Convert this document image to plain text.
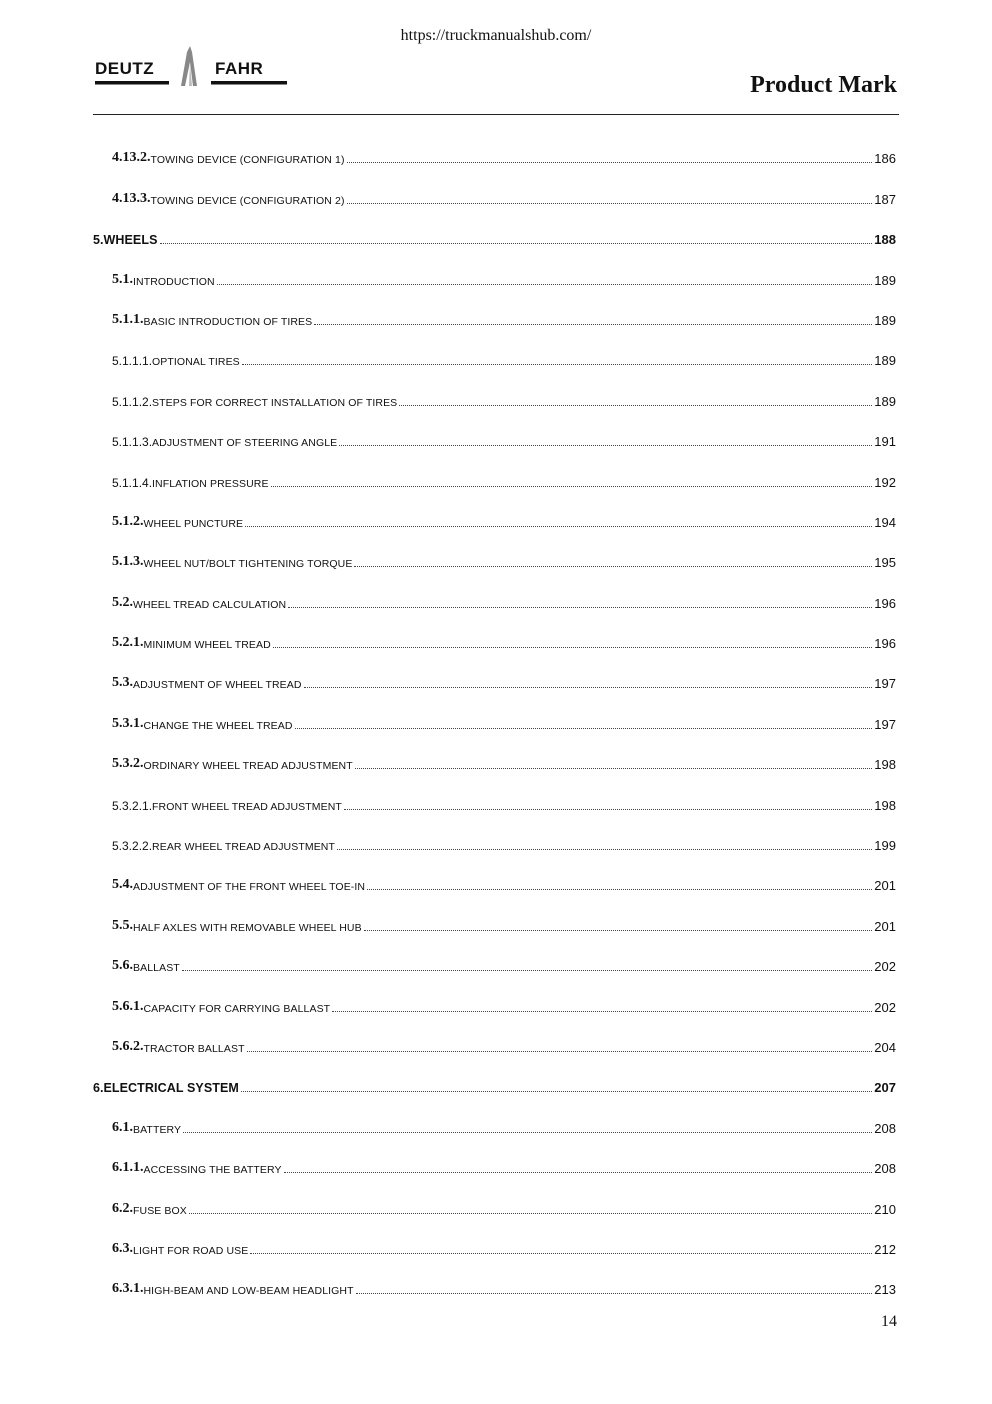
https://truckmanualshub.com/
DEUTZ	FAHR
Product Mark
4.13.2. TOWING DEVICE (CONFIGURATION 1)	186
4.13.3. TOWING DEVICE (CONFIGURATION 2)	187
5. WHEELS	188
5.1. INTRODUCTION	189
5.1.1. BASIC INTRODUCTION OF TIRES	189
5.1.1.1. OPTIONAL TIRES	189
5.1.1.2. STEPS FOR CORRECT INSTALLATION OF TIRES	189
5.1.1.3. ADJUSTMENT OF STEERING ANGLE	191
5.1.1.4. INFLATION PRESSURE	192
5.1.2. WHEEL PUNCTURE	194
5.1.3. WHEEL NUT/BOLT TIGHTENING TORQUE	195
5.2. WHEEL TREAD CALCULATION	196
5.2.1. MINIMUM WHEEL TREAD	196
5.3. ADJUSTMENT OF WHEEL TREAD	197
5.3.1. CHANGE THE WHEEL TREAD	197
5.3.2. ORDINARY WHEEL TREAD ADJUSTMENT	198
5.3.2.1. FRONT WHEEL TREAD ADJUSTMENT	198
5.3.2.2. REAR WHEEL TREAD ADJUSTMENT	199
5.4. ADJUSTMENT OF THE FRONT WHEEL TOE-IN	201
5.5. HALF AXLES WITH REMOVABLE WHEEL HUB	201
5.6. BALLAST	202
5.6.1. CAPACITY FOR CARRYING BALLAST	202
5.6.2. TRACTOR BALLAST	204
6. ELECTRICAL SYSTEM	207
6.1. BATTERY	208
6.1.1. ACCESSING THE BATTERY	208
6.2. FUSE BOX	210
6.3. LIGHT FOR ROAD USE	212
6.3.1. HIGH-BEAM AND LOW-BEAM HEADLIGHT	213
14
